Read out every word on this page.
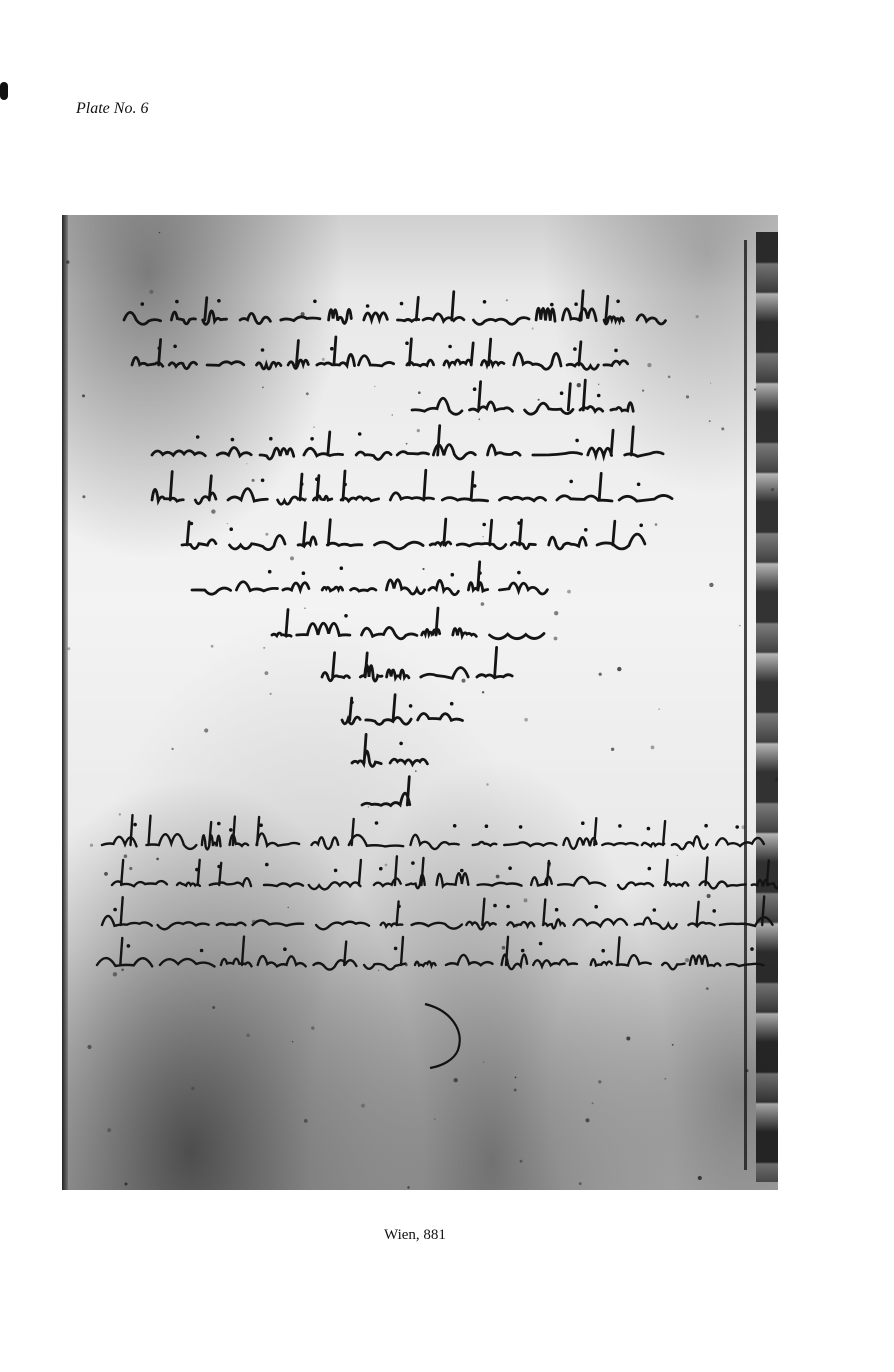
Plate No. 6
Wien, 881
